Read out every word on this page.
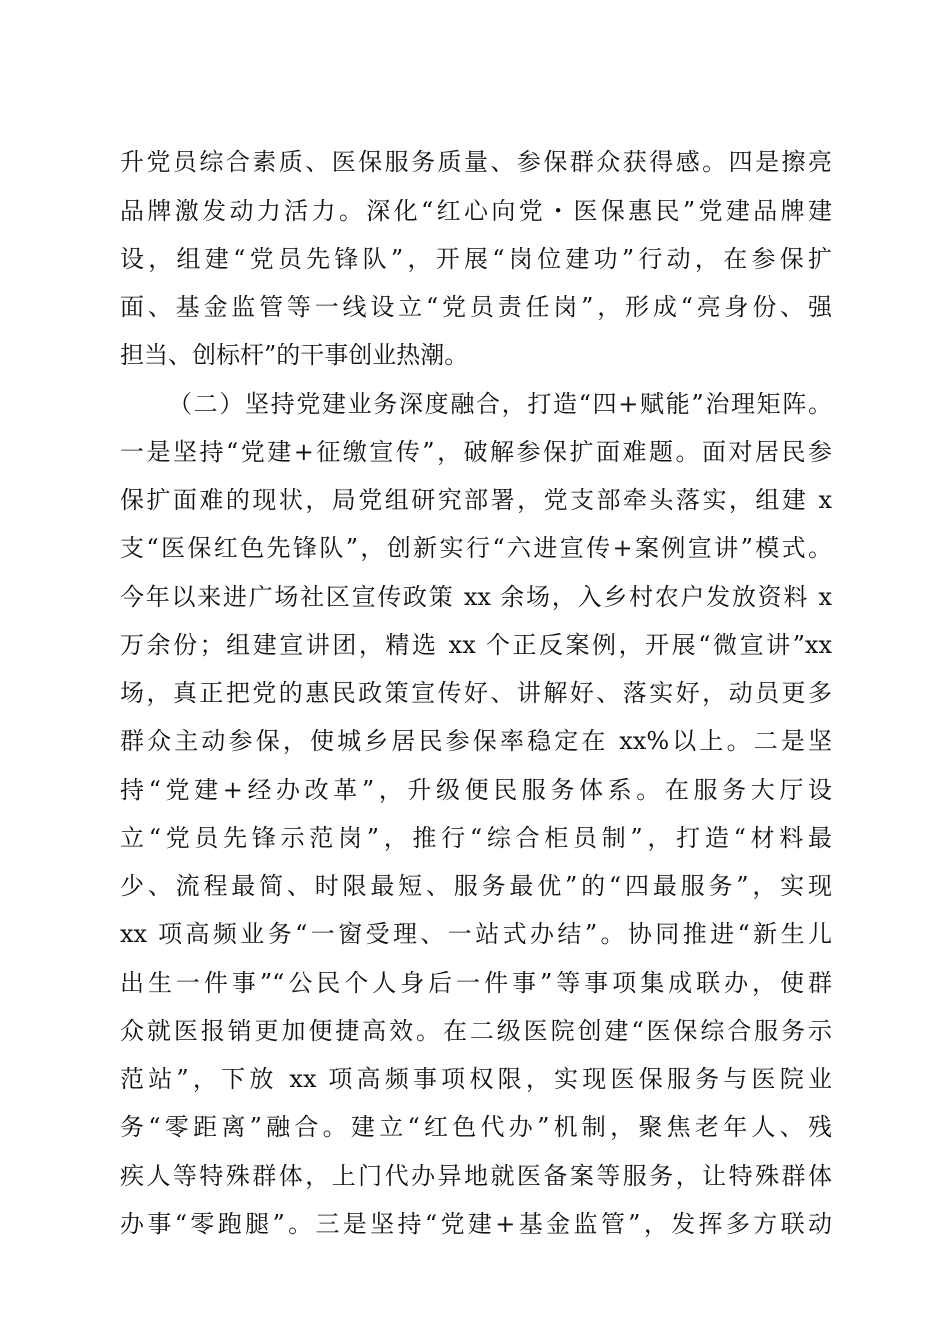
升党员综合素质、医保服务质量、参保群众获得感。四是擦亮
品牌激发动力活力。深化“红心向党・医保惠民”党建品牌建
设，组建“党员先锋队”，开展“岗位建功”行动，在参保扩
面、基金监管等一线设立“党员责任岗”，形成“亮身份、强
担当、创标杆”的干事创业热潮。
（二）坚持党建业务深度融合，打造“四+赋能”治理矩阵。
一是坚持“党建+征缴宣传”，破解参保扩面难题。面对居民参
保扩面难的现状，局党组研究部署，党支部牵头落实，组建 x
支“医保红色先锋队”，创新实行“六进宣传+案例宣讲”模式。
今年以来进广场社区宣传政策 xx 余场，入乡村农户发放资料 x
万余份；组建宣讲团，精选 xx 个正反案例，开展“微宣讲”xx
场，真正把党的惠民政策宣传好、讲解好、落实好，动员更多
群众主动参保，使城乡居民参保率稳定在 xx%以上。二是坚
持“党建+经办改革”，升级便民服务体系。在服务大厅设
立“党员先锋示范岗”，推行“综合柜员制”，打造“材料最
少、流程最简、时限最短、服务最优”的“四最服务”，实现
xx 项高频业务“一窗受理、一站式办结”。协同推进“新生儿
出生一件事”“公民个人身后一件事”等事项集成联办，使群
众就医报销更加便捷高效。在二级医院创建“医保综合服务示
范站”，下放 xx 项高频事项权限，实现医保服务与医院业
务“零距离”融合。建立“红色代办”机制，聚焦老年人、残
疾人等特殊群体，上门代办异地就医备案等服务，让特殊群体
办事“零跑腿”。三是坚持“党建+基金监管”，发挥多方联动
